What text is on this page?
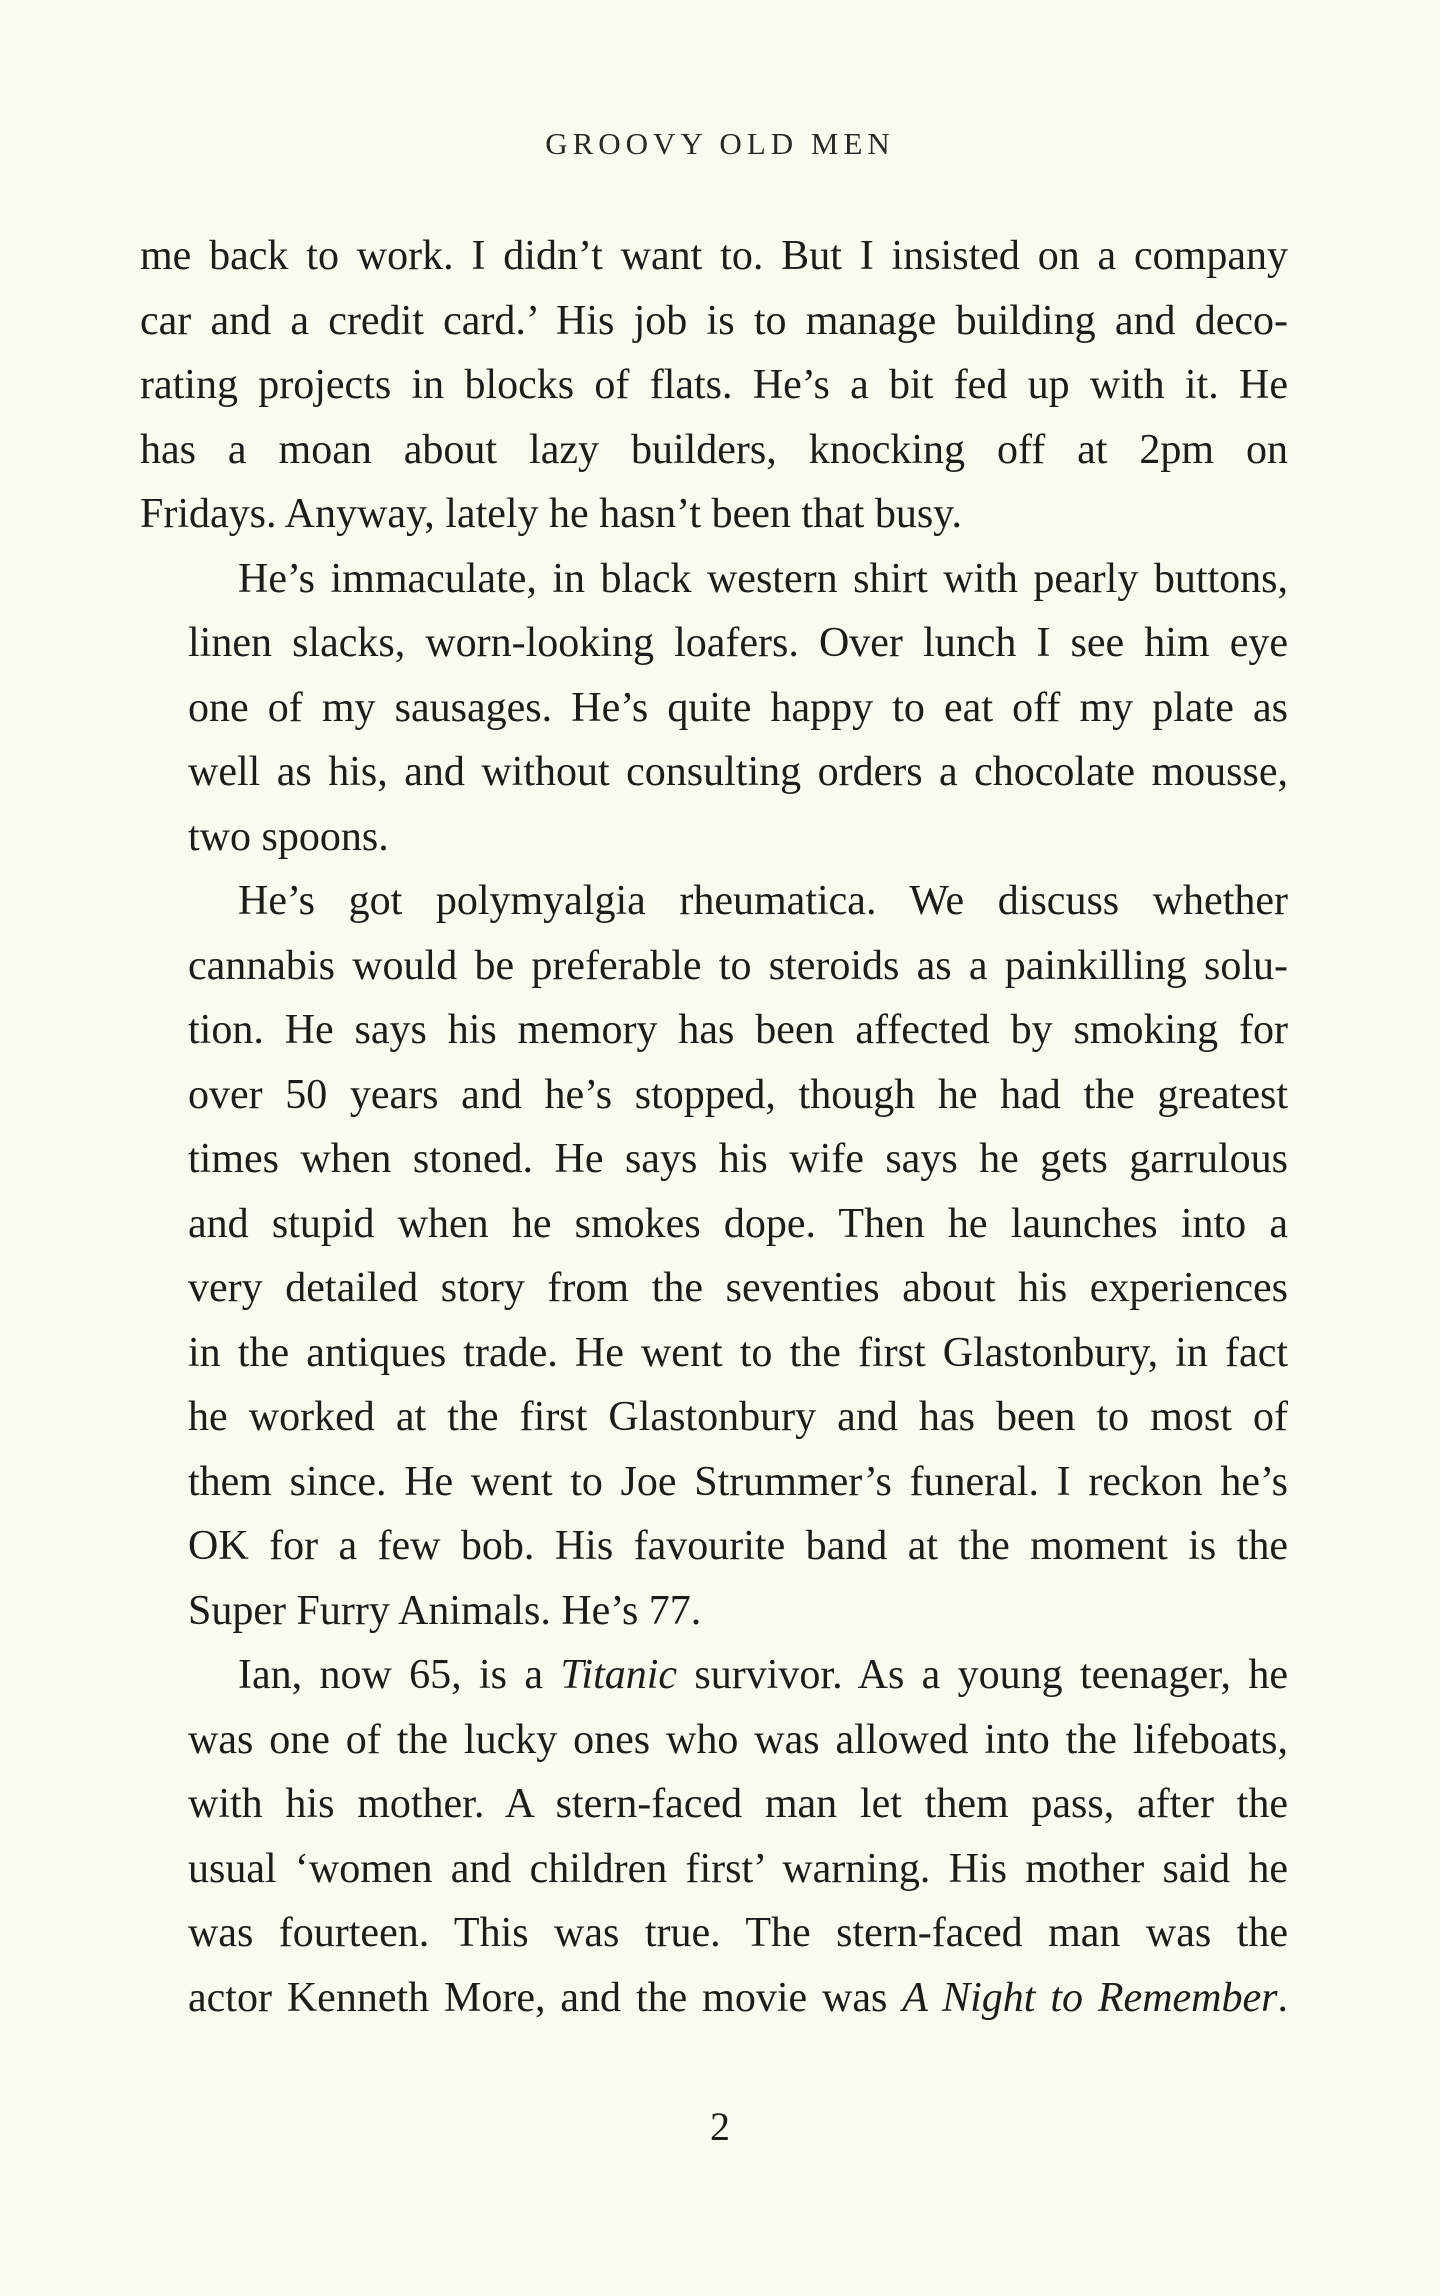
GROOVY OLD MEN
me back to work. I didn’t want to. But I insisted on a company
car and a credit card.’ His job is to manage building and deco-
rating projects in blocks of flats. He’s a bit fed up with it. He
has a moan about lazy builders, knocking off at 2pm on
Fridays. Anyway, lately he hasn’t been that busy.
He’s immaculate, in black western shirt with pearly buttons,
linen slacks, worn-looking loafers. Over lunch I see him eye
one of my sausages. He’s quite happy to eat off my plate as
well as his, and without consulting orders a chocolate mousse,
two spoons.
He’s got polymyalgia rheumatica. We discuss whether
cannabis would be preferable to steroids as a painkilling solu-
tion. He says his memory has been affected by smoking for
over 50 years and he’s stopped, though he had the greatest
times when stoned. He says his wife says he gets garrulous
and stupid when he smokes dope. Then he launches into a
very detailed story from the seventies about his experiences
in the antiques trade. He went to the first Glastonbury, in fact
he worked at the first Glastonbury and has been to most of
them since. He went to Joe Strummer’s funeral. I reckon he’s
OK for a few bob. His favourite band at the moment is the
Super Furry Animals. He’s 77.
Ian, now 65, is a Titanic survivor. As a young teenager, he
was one of the lucky ones who was allowed into the lifeboats,
with his mother. A stern-faced man let them pass, after the
usual ‘women and children first’ warning. His mother said he
was fourteen. This was true. The stern-faced man was the
actor Kenneth More, and the movie was A Night to Remember.
2
